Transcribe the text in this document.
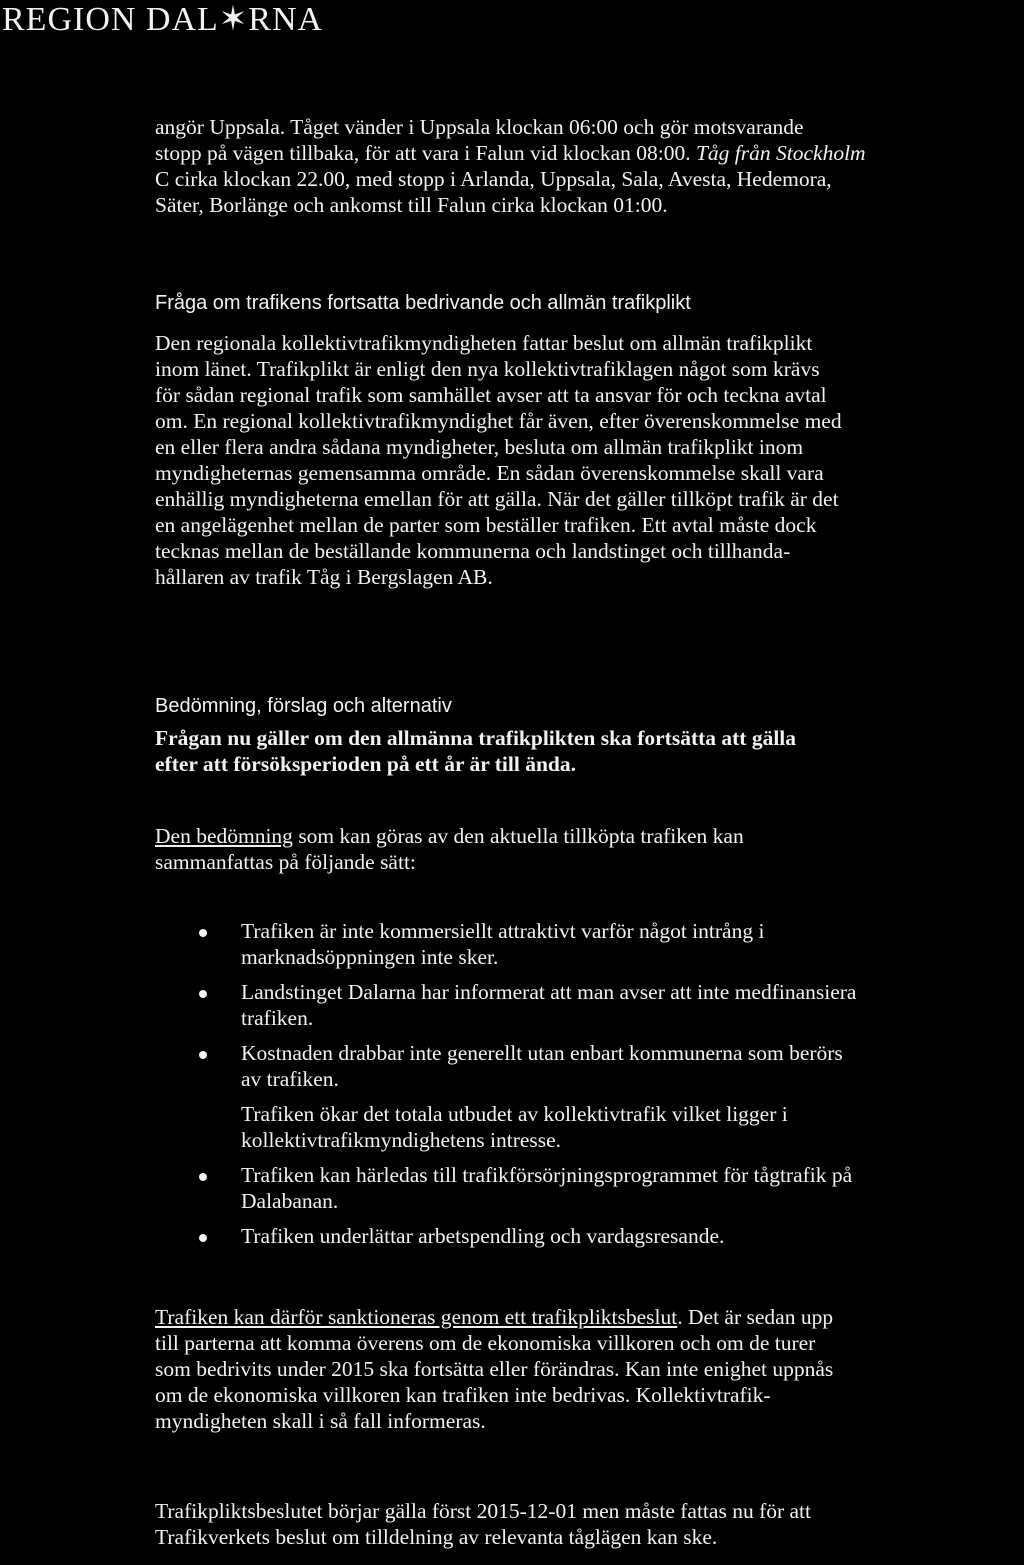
REGION DAL✶RNA
angör Uppsala. Tåget vänder i Uppsala klockan 06:00 och gör motsvarande
stopp på vägen tillbaka, för att vara i Falun vid klockan 08:00. Tåg från Stockholm
C cirka klockan 22.00, med stopp i Arlanda, Uppsala, Sala, Avesta, Hedemora,
Säter, Borlänge och ankomst till Falun cirka klockan 01:00.
Fråga om trafikens fortsatta bedrivande och allmän trafikplikt
Den regionala kollektivtrafikmyndigheten fattar beslut om allmän trafikplikt
inom länet. Trafikplikt är enligt den nya kollektivtrafiklagen något som krävs
för sådan regional trafik som samhället avser att ta ansvar för och teckna avtal
om. En regional kollektivtrafikmyndighet får även, efter överenskommelse med
en eller flera andra sådana myndigheter, besluta om allmän trafikplikt inom
myndigheternas gemensamma område. En sådan överenskommelse skall vara
enhällig myndigheterna emellan för att gälla. När det gäller tillköpt trafik är det
en angelägenhet mellan de parter som beställer trafiken. Ett avtal måste dock
tecknas mellan de beställande kommunerna och landstinget och tillhanda-
hållaren av trafik Tåg i Bergslagen AB.
Bedömning, förslag och alternativ
Frågan nu gäller om den allmänna trafikplikten ska fortsätta att gälla
efter att försöksperioden på ett år är till ända.
Den bedömning som kan göras av den aktuella tillköpta trafiken kan
sammanfattas på följande sätt:
Trafiken är inte kommersiellt attraktivt varför något intrång i
marknadsöppningen inte sker.
Landstinget Dalarna har informerat att man avser att inte medfinansiera
trafiken.
Kostnaden drabbar inte generellt utan enbart kommunerna som berörs
av trafiken.
Trafiken ökar det totala utbudet av kollektivtrafik vilket ligger i
kollektivtrafikmyndighetens intresse.
Trafiken kan härledas till trafikförsörjningsprogrammet för tågtrafik på
Dalabanan.
Trafiken underlättar arbetspendling och vardagsresande.
Trafiken kan därför sanktioneras genom ett trafikpliktsbeslut. Det är sedan upp
till parterna att komma överens om de ekonomiska villkoren och om de turer
som bedrivits under 2015 ska fortsätta eller förändras. Kan inte enighet uppnås
om de ekonomiska villkoren kan trafiken inte bedrivas. Kollektivtrafik-
myndigheten skall i så fall informeras.
Trafikpliktsbeslutet börjar gälla först 2015-12-01 men måste fattas nu för att
Trafikverkets beslut om tilldelning av relevanta tåglägen kan ske.
